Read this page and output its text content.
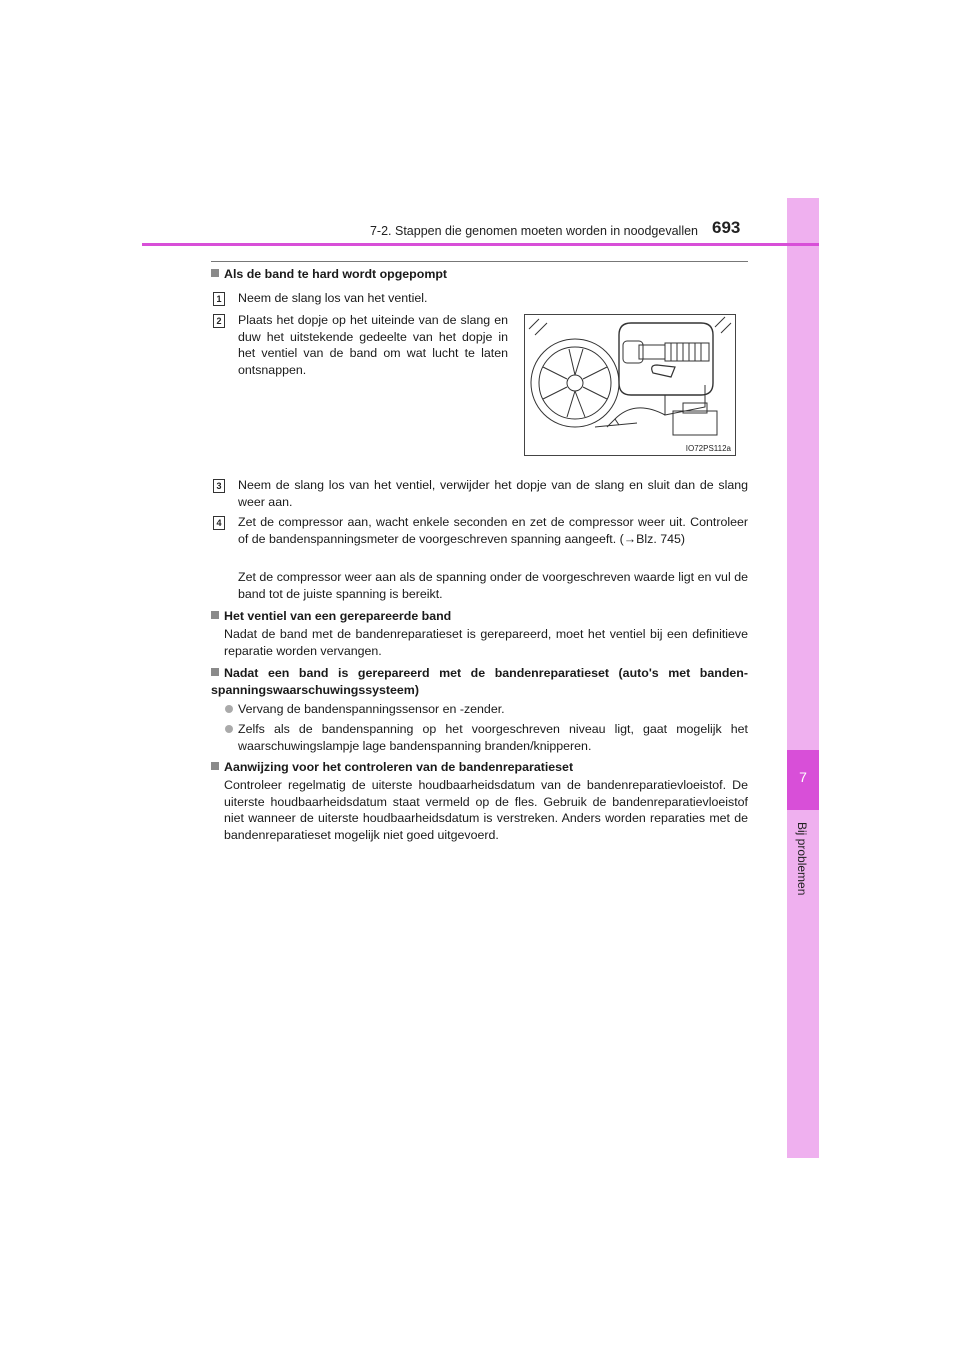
7
Bij problemen
7-2. Stappen die genomen moeten worden in noodgevallen 693
Als de band te hard wordt opgepompt
1 Neem de slang los van het ventiel.
2 Plaats het dopje op het uiteinde van de slang en duw het uitstekende gedeelte van het dopje in het ventiel van de band om wat lucht te laten ontsnappen.
IO72PS112a
3 Neem de slang los van het ventiel, verwijder het dopje van de slang en sluit dan de slang weer aan.
4 Zet de compressor aan, wacht enkele seconden en zet de compressor weer uit. Controleer of de bandenspanningsmeter de voorgeschreven spanning aangeeft. (→Blz. 745)
Zet de compressor weer aan als de spanning onder de voorgeschreven waarde ligt en vul de band tot de juiste spanning is bereikt.
Het ventiel van een gerepareerde band
Nadat de band met de bandenreparatieset is gerepareerd, moet het ventiel bij een definitieve reparatie worden vervangen.
Nadat een band is gerepareerd met de bandenreparatieset (auto's met banden-spanningswaarschuwingssysteem)
Vervang de bandenspanningssensor en -zender.
Zelfs als de bandenspanning op het voorgeschreven niveau ligt, gaat mogelijk het waarschuwingslampje lage bandenspanning branden/knipperen.
Aanwijzing voor het controleren van de bandenreparatieset
Controleer regelmatig de uiterste houdbaarheidsdatum van de bandenreparatievloeistof. De uiterste houdbaarheidsdatum staat vermeld op de fles. Gebruik de bandenreparatievloeistof niet wanneer de uiterste houdbaarheidsdatum is verstreken. Anders worden reparaties met de bandenreparatieset mogelijk niet goed uitgevoerd.
